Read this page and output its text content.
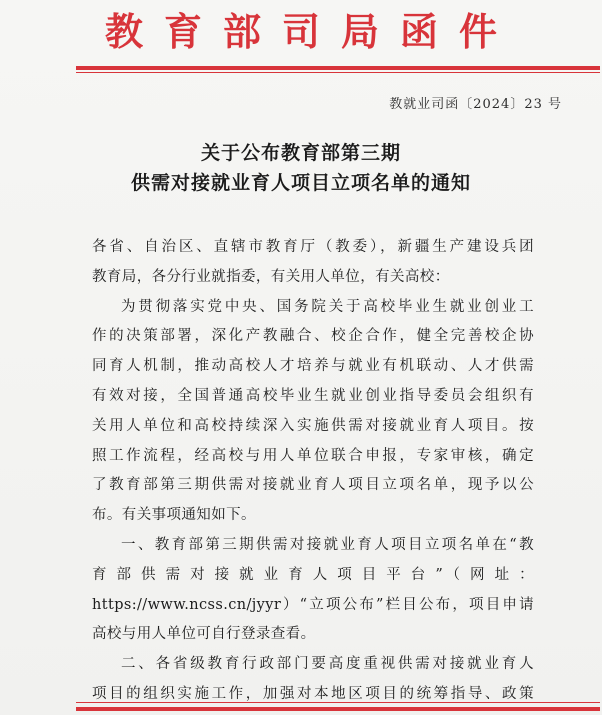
教育部司局函件
教就业司函〔2024〕23 号
关于公布教育部第三期
供需对接就业育人项目立项名单的通知
各省、自治区、直辖市教育厅（教委），新疆生产建设兵团
教育局，各分行业就指委，有关用人单位，有关高校：
为贯彻落实党中央、国务院关于高校毕业生就业创业工
作的决策部署，深化产教融合、校企合作，健全完善校企协
同育人机制，推动高校人才培养与就业有机联动、人才供需
有效对接，全国普通高校毕业生就业创业指导委员会组织有
关用人单位和高校持续深入实施供需对接就业育人项目。按
照工作流程，经高校与用人单位联合申报，专家审核，确定
了教育部第三期供需对接就业育人项目立项名单，现予以公
布。有关事项通知如下。
一、教育部第三期供需对接就业育人项目立项名单在“教
育部供需对接就业育人项目平台”（网址：
https://www.ncss.cn/jyyr）“立项公布”栏目公布，项目申请
高校与用人单位可自行登录查看。
二、各省级教育行政部门要高度重视供需对接就业育人
项目的组织实施工作，加强对本地区项目的统筹指导、政策
